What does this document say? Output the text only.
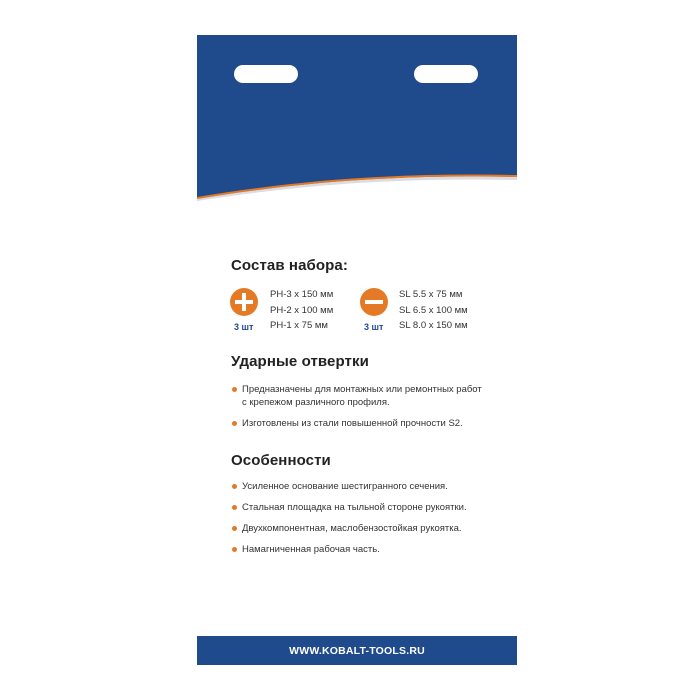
Состав набора:
3 шт
PH-3 x 150 мм
PH-2 x 100 мм
PH-1 x 75 мм	3 шт
SL 5.5 x 75 мм
SL 6.5 x 100 мм
SL 8.0 x 150 мм
Ударные отвертки
Предназначены для монтажных или ремонтных работ с крепежом различного профиля.
Изготовлены из стали повышенной прочности S2.
Особенности
Усиленное основание шестигранного сечения.
Стальная площадка на тыльной стороне рукоятки.
Двухкомпонентная, маслобензостойкая рукоятка.
Намагниченная рабочая часть.
WWW.KOBALT-TOOLS.RU
